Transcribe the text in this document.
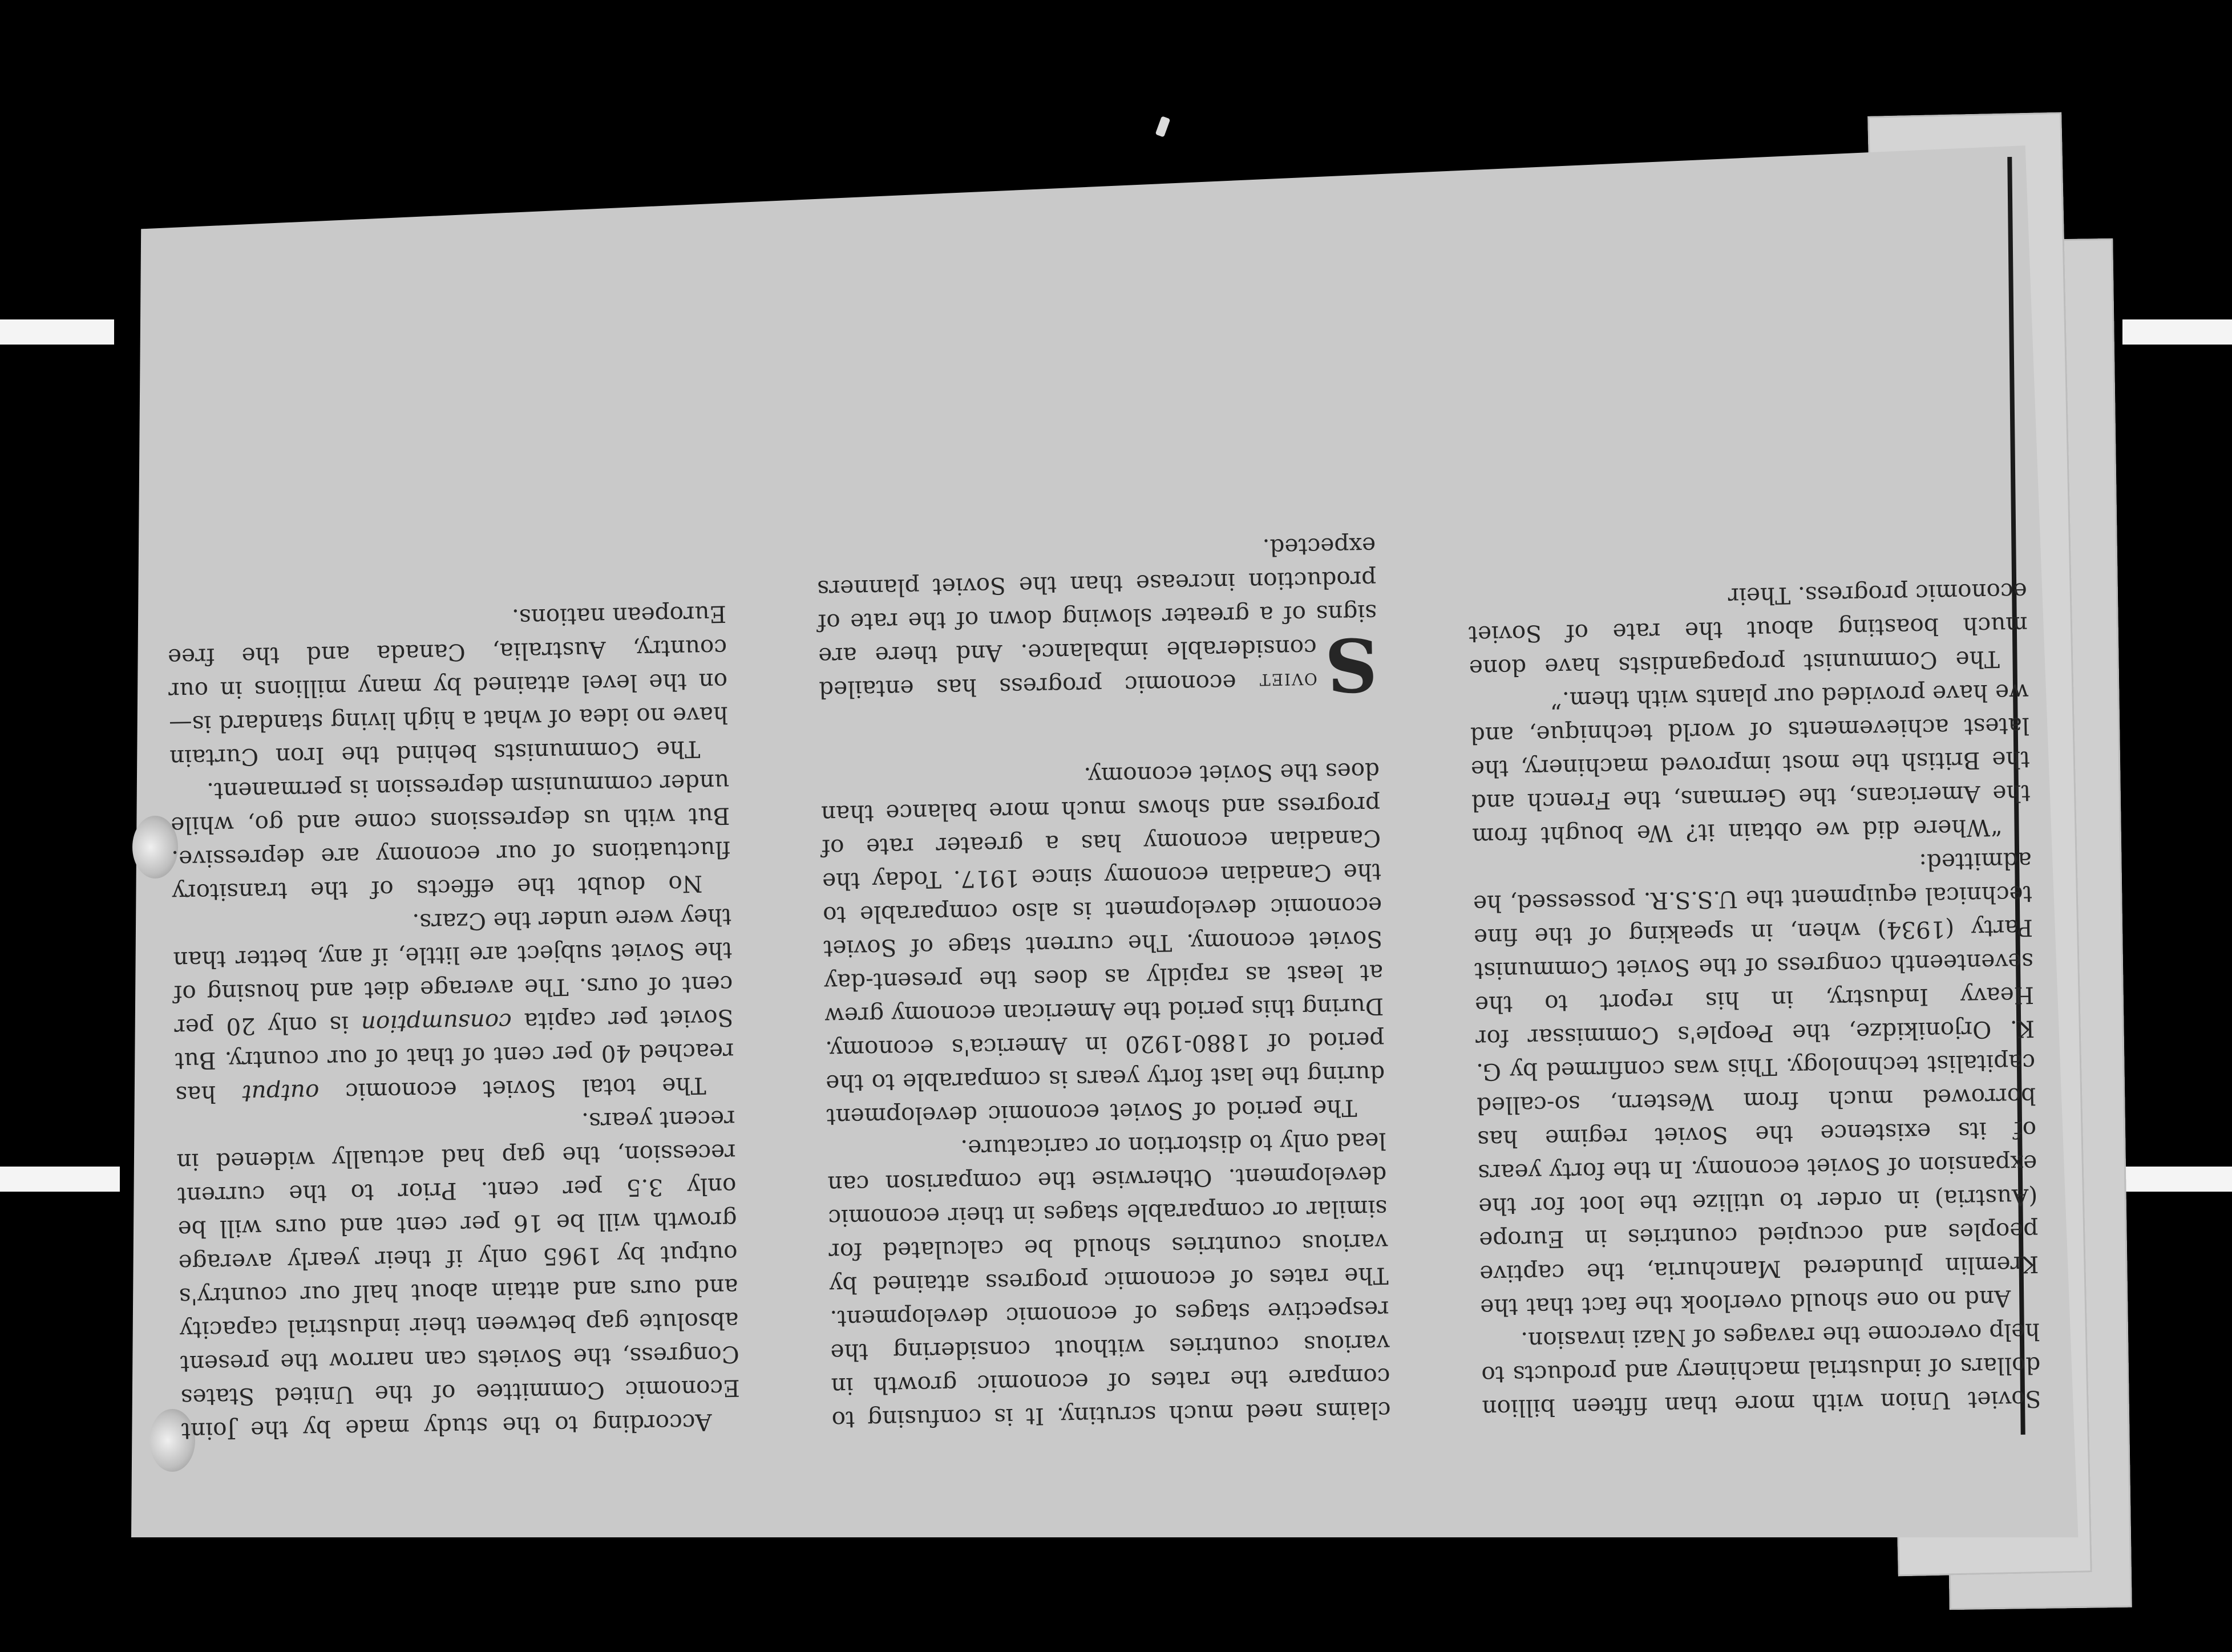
Soviet Union with more than fifteen billion dollars of industrial machinery and products to help overcome the ravages of Nazi invasion.

And no one should overlook the fact that the Kremlin plundered Manchuria, the captive peoples and occupied countries in Europe (Austria) in order to utilize the loot for the expansion of Soviet economy. In the forty years of its existence the Soviet regime has borrowed much from Western, so-called capitalist technology. This was confirmed by G. K. Orjonikidze, the People's Commissar for Heavy Industry, in his report to the seventeenth congress of the Soviet Communist Party (1934) when, in speaking of the fine technical equipment the U.S.S.R. possessed, he admitted:

“Where did we obtain it? We bought from the Americans, the Germans, the French and the British the most improved machinery, the latest achievements of world technique, and we have provided our plants with them.”

The Communist propagandists have done much boasting about the rate of Soviet economic progress. Their

claims need much scrutiny. It is confusing to compare the rates of economic growth in various countries without considering the respective stages of economic development. The rates of economic progress attained by various countries should be calculated for similar or comparable stages in their economic development. Otherwise the comparison can lead only to distortion or caricature.

The period of Soviet economic development during the last forty years is comparable to the period of 1880-1920 in America's economy. During this period the American economy grew at least as rapidly as does the present-day Soviet economy. The current stage of Soviet economic development is also comparable to the Canadian economy since 1917. Today the Canadian economy has a greater rate of progress and shows much more balance than does the Soviet economy.

S
oviet economic progress has entailed considerable imbalance. And there are signs of a greater slowing down of the rate of production increase than the Soviet planners expected.

According to the study made by the Joint Economic Committee of the United States Congress, the Soviets can narrow the present absolute gap between their industrial capacity and ours and attain about half our country's output by 1965 only if their yearly average growth will be 16 per cent and ours will be only 3.5 per cent. Prior to the current recession, the gap had actually widened in recent years.

The total Soviet economic output has reached 40 per cent of that of our country. But Soviet per capita consumption is only 20 per cent of ours. The average diet and housing of the Soviet subject are little, if any, better than they were under the Czars.

No doubt the effects of the transitory fluctuations of our economy are depressive. But with us depressions come and go, while under communism depression is permanent.

The Communists behind the Iron Curtain have no idea of what a high living standard is—on the level attained by many millions in our country, Australia, Canada and the free European nations.
